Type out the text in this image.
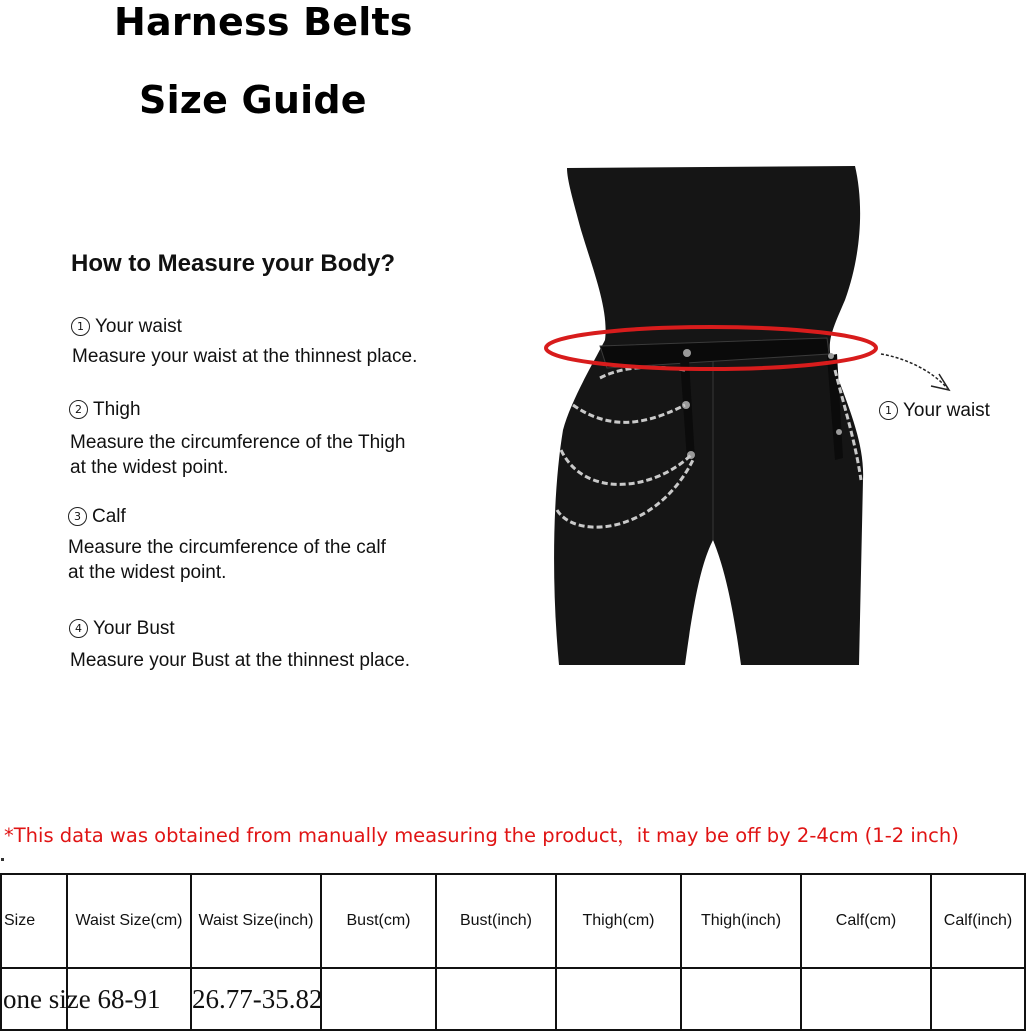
Harness Belts
Size Guide
How to Measure your Body?
1 Your waist
Measure your waist at the thinnest place.
2 Thigh
Measure the circumference of the Thigh
at the widest point.
3 Calf
Measure the circumference of the calf
at the widest point.
4 Your Bust
Measure your Bust at the thinnest place.
1 Your waist
*This data was obtained from manually measuring the product，it may be off by 2-4cm (1-2 inch)
Size	Waist Size(cm)	Waist Size(inch)	Bust(cm)	Bust(inch)	Thigh(cm)	Thigh(inch)	Calf(cm)	Calf(inch)
one size	68-91	26.77-35.82						
